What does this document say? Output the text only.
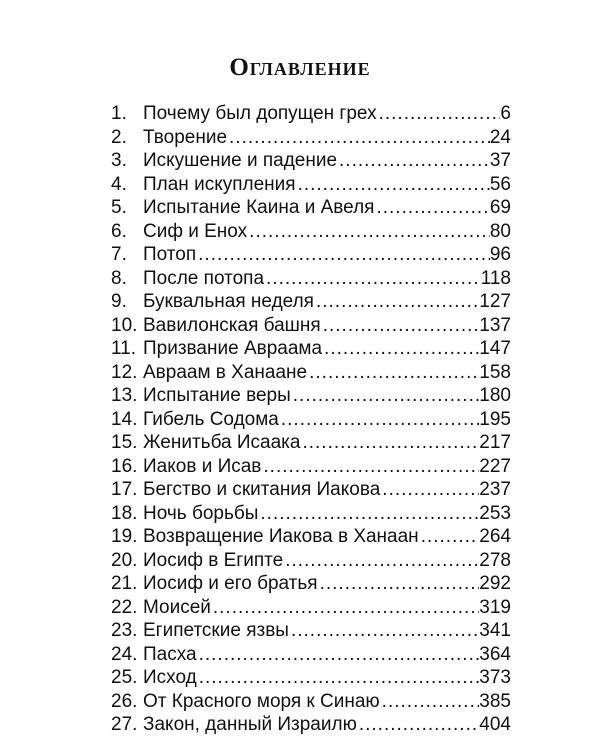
Оглавление
1. Почему был допущен грех .....	6
2. Творение .....	24
3. Искушение и падение .....	37
4. План искупления .....	56
5. Испытание Каина и Авеля .....	69
6. Сиф и Енох .....	80
7. Потоп .....	96
8. После потопа .....	118
9. Буквальная неделя .....	127
10. Вавилонская башня .....	137
11. Призвание Авраама .....	147
12. Авраам в Ханаане .....	158
13. Испытание веры .....	180
14. Гибель Содома .....	195
15. Женитьба Исаака .....	217
16. Иаков и Исав .....	227
17. Бегство и скитания Иакова .....	237
18. Ночь борьбы .....	253
19. Возвращение Иакова в Ханаан .....	264
20. Иосиф в Египте .....	278
21. Иосиф и его братья .....	292
22. Моисей .....	319
23. Египетские язвы .....	341
24. Пасха .....	364
25. Исход .....	373
26. От Красного моря к Синаю .....	385
27. Закон, данный Израилю .....	404
